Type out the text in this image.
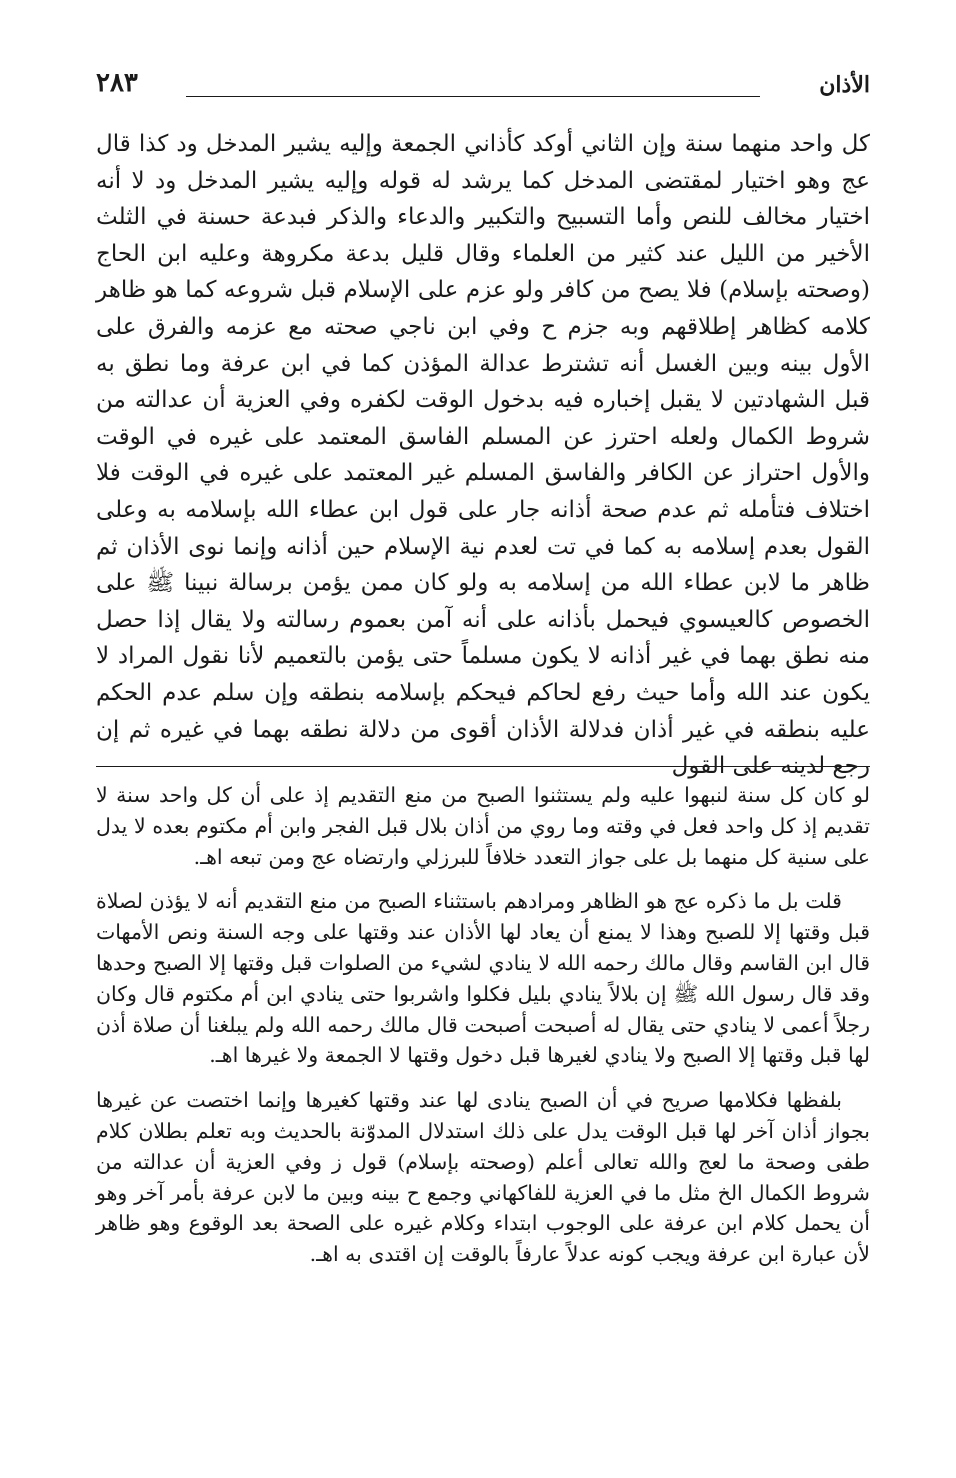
الأذان
٢٨٣

كل واحد منهما سنة وإن الثاني أوكد كأذاني الجمعة وإليه يشير المدخل ود كذا قال عج وهو اختيار لمقتضى المدخل كما يرشد له قوله وإليه يشير المدخل ود لا أنه اختيار مخالف للنص وأما التسبيح والتكبير والدعاء والذكر فبدعة حسنة في الثلث الأخير من الليل عند كثير من العلماء وقال قليل بدعة مكروهة وعليه ابن الحاج (وصحته بإسلام) فلا يصح من كافر ولو عزم على الإسلام قبل شروعه كما هو ظاهر كلامه كظاهر إطلاقهم وبه جزم ح وفي ابن ناجي صحته مع عزمه والفرق على الأول بينه وبين الغسل أنه تشترط عدالة المؤذن كما في ابن عرفة وما نطق به قبل الشهادتين لا يقبل إخباره فيه بدخول الوقت لكفره وفي العزية أن عدالته من شروط الكمال ولعله احترز عن المسلم الفاسق المعتمد على غيره في الوقت والأول احتراز عن الكافر والفاسق المسلم غير المعتمد على غيره في الوقت فلا اختلاف فتأمله ثم عدم صحة أذانه جار على قول ابن عطاء الله بإسلامه به وعلى القول بعدم إسلامه به كما في تت لعدم نية الإسلام حين أذانه وإنما نوى الأذان ثم ظاهر ما لابن عطاء الله من إسلامه به ولو كان ممن يؤمن برسالة نبينا ﷺ على الخصوص كالعيسوي فيحمل بأذانه على أنه آمن بعموم رسالته ولا يقال إذا حصل منه نطق بهما في غير أذانه لا يكون مسلماً حتى يؤمن بالتعميم لأنا نقول المراد لا يكون عند الله وأما حيث رفع لحاكم فيحكم بإسلامه بنطقه وإن سلم عدم الحكم عليه بنطقه في غير أذان فدلالة الأذان أقوى من دلالة نطقه بهما في غيره ثم إن رجع لدينه على القول

لو كان كل سنة لنبهوا عليه ولم يستثنوا الصبح من منع التقديم إذ على أن كل واحد سنة لا تقديم إذ كل واحد فعل في وقته وما روي من أذان بلال قبل الفجر وابن أم مكتوم بعده لا يدل على سنية كل منهما بل على جواز التعدد خلافاً للبرزلي وارتضاه عج ومن تبعه اهـ.

قلت بل ما ذكره عج هو الظاهر ومرادهم باستثناء الصبح من منع التقديم أنه لا يؤذن لصلاة قبل وقتها إلا للصبح وهذا لا يمنع أن يعاد لها الأذان عند وقتها على وجه السنة ونص الأمهات قال ابن القاسم وقال مالك رحمه الله لا ينادي لشيء من الصلوات قبل وقتها إلا الصبح وحدها وقد قال رسول الله ﷺ إن بلالاً ينادي بليل فكلوا واشربوا حتى ينادي ابن أم مكتوم قال وكان رجلاً أعمى لا ينادي حتى يقال له أصبحت أصبحت قال مالك رحمه الله ولم يبلغنا أن صلاة أذن لها قبل وقتها إلا الصبح ولا ينادي لغيرها قبل دخول وقتها لا الجمعة ولا غيرها اهـ.

بلفظها فكلامها صريح في أن الصبح ينادى لها عند وقتها كغيرها وإنما اختصت عن غيرها بجواز أذان آخر لها قبل الوقت يدل على ذلك استدلال المدوّنة بالحديث وبه تعلم بطلان كلام طفى وصحة ما لعج والله تعالى أعلم (وصحته بإسلام) قول ز وفي العزية أن عدالته من شروط الكمال الخ مثل ما في العزية للفاكهاني وجمع ح بينه وبين ما لابن عرفة بأمر آخر وهو أن يحمل كلام ابن عرفة على الوجوب ابتداء وكلام غيره على الصحة بعد الوقوع وهو ظاهر لأن عبارة ابن عرفة ويجب كونه عدلاً عارفاً بالوقت إن اقتدى به اهـ.
